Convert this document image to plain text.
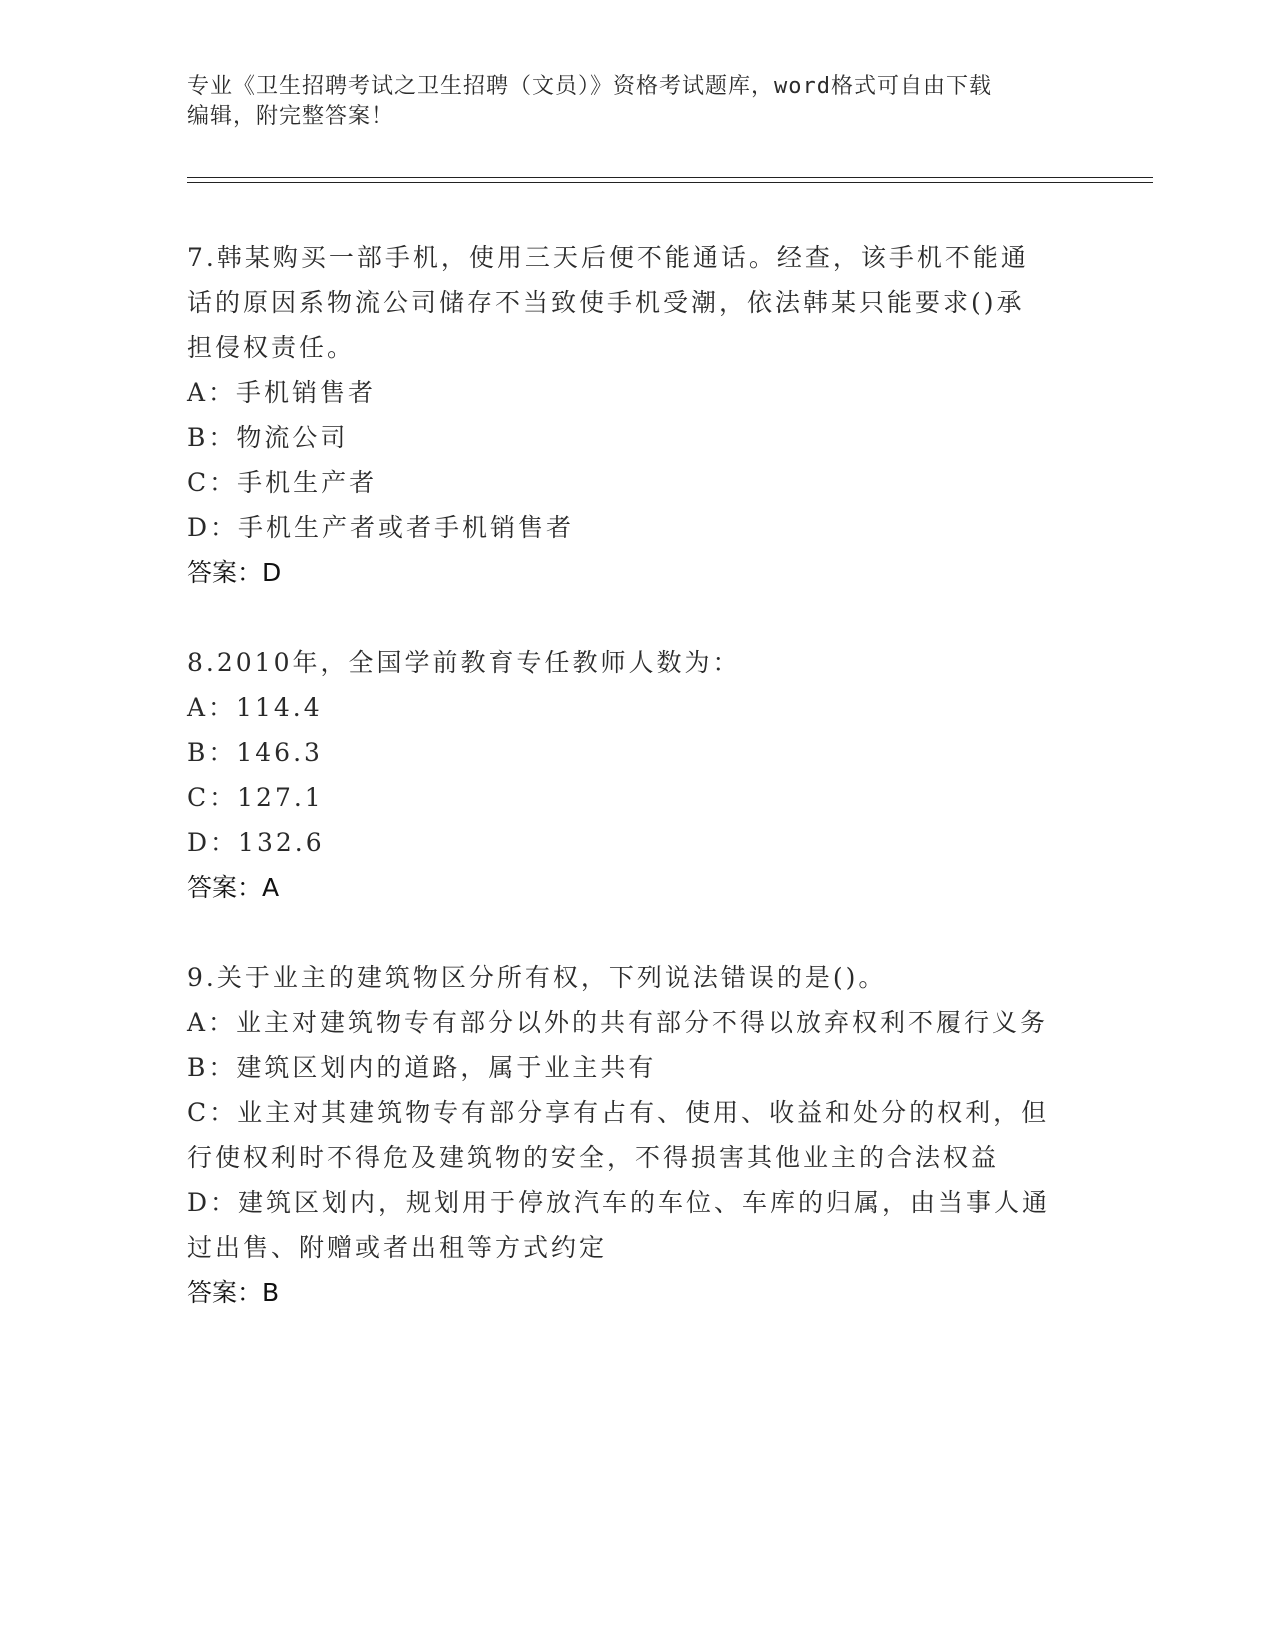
专业《卫生招聘考试之卫生招聘（文员）》资格考试题库，word格式可自由下载
编辑，附完整答案！
7.韩某购买一部手机，使用三天后便不能通话。经查，该手机不能通
话的原因系物流公司储存不当致使手机受潮，依法韩某只能要求()承
担侵权责任。
A：手机销售者
B：物流公司
C：手机生产者
D：手机生产者或者手机销售者
答案：D
8.2010年，全国学前教育专任教师人数为：
A：114.4
B：146.3
C：127.1
D：132.6
答案：A
9.关于业主的建筑物区分所有权，下列说法错误的是()。
A：业主对建筑物专有部分以外的共有部分不得以放弃权利不履行义务
B：建筑区划内的道路，属于业主共有
C：业主对其建筑物专有部分享有占有、使用、收益和处分的权利，但
行使权利时不得危及建筑物的安全，不得损害其他业主的合法权益
D：建筑区划内，规划用于停放汽车的车位、车库的归属，由当事人通
过出售、附赠或者出租等方式约定
答案：B
